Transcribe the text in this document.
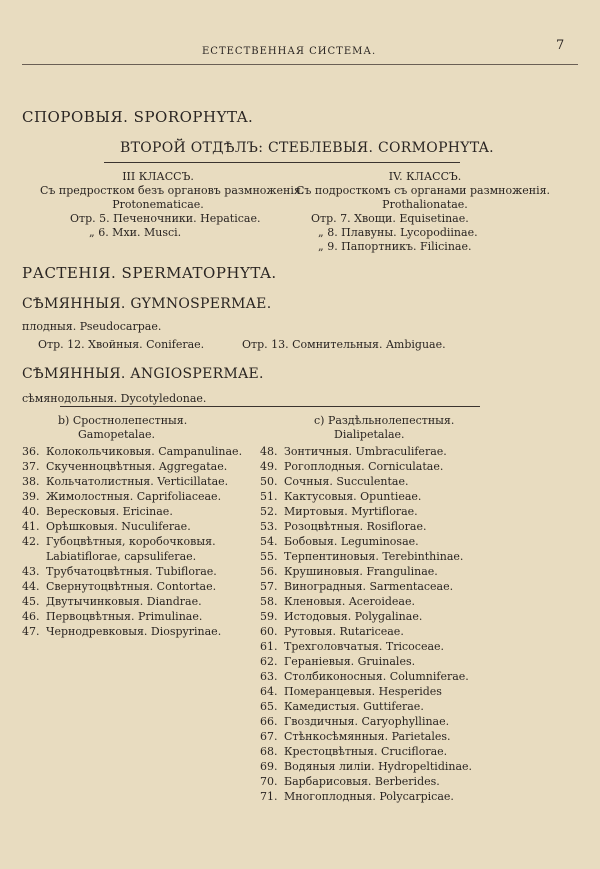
ЕСТЕСТВЕННАЯ СИСТЕМА.	7
СПОРОВЫЯ. SPOROPHYTA.
ВТОРОЙ ОТДѢЛЪ: СТЕБЛЕВЫЯ. CORMOPHYTA.
III КЛАССЪ.
Съ предростком безъ органовъ размноженія.
Protonematicae.
Отр. 5. Печеночники. Hepaticae.
„ 6. Мхи. Musci.
IV. КЛАССЪ.
Съ подросткомъ съ органами размноженія.
Prothalionatae.
Отр. 7. Хвощи. Equisetinae.
„ 8. Плавуны. Lycopodiinae.
„ 9. Папортникъ. Filicinae.
РАСТЕНІЯ. SPERMATOPHYTA.
СѢМЯННЫЯ. GYMNOSPERMAE.
плодныя. Pseudocarpae.
Отр. 12. Хвойныя. Coniferae.	Отр. 13. Сомнительныя. Ambiguae.
СѢМЯННЫЯ. ANGIOSPERMAE.
сѣмянодольныя. Dycotyledonae.
b) Сростнолепестныя.
Gamopetalae.
36. Колокольчиковыя. Campanulinae.
37. Скученноцвѣтныя. Aggregatae.
38. Кольчатолистныя. Verticillatae.
39. Жимолостныя. Caprifoliaceae.
40. Вересковыя. Ericinae.
41. Орѣшковыя. Nuculiferae.
42. Губоцвѣтныя, коробочковыя.
Labiatiflorae, capsuliferae.
43. Трубчатоцвѣтныя. Tubiflorae.
44. Свернутоцвѣтныя. Contortae.
45. Двутычинковыя. Diandrae.
46. Первоцвѣтныя. Primulinae.
47. Чернодревковыя. Diospyrinae.
c) Раздѣльнолепестныя.
Dialipetalae.
48. Зонтичныя. Umbraculiferae.
49. Рогоплодныя. Corniculatae.
50. Сочныя. Succulentae.
51. Кактусовыя. Opuntieae.
52. Миртовыя. Myrtiflorae.
53. Розоцвѣтныя. Rosiflorae.
54. Бобовыя. Leguminosae.
55. Терпентиновыя. Terebinthinae.
56. Крушиновыя. Frangulinae.
57. Виноградныя. Sarmentaceae.
58. Кленовыя. Aceroideae.
59. Истодовыя. Polygalinae.
60. Рутовыя. Rutariceae.
61. Трехголовчатыя. Tricoceae.
62. Геранiевыя. Gruinales.
63. Столбиконосныя. Columniferae.
64. Померанцевыя. Hesperides
65. Камедистыя. Guttiferae.
66. Гвоздичныя. Caryophyllinae.
67. Стѣнкосѣмянныя. Parietales.
68. Крестоцвѣтныя. Cruciflorae.
69. Водяныя лиліи. Hydropeltidinae.
70. Барбарисовыя. Berberides.
71. Многоплодныя. Polycarpicae.
